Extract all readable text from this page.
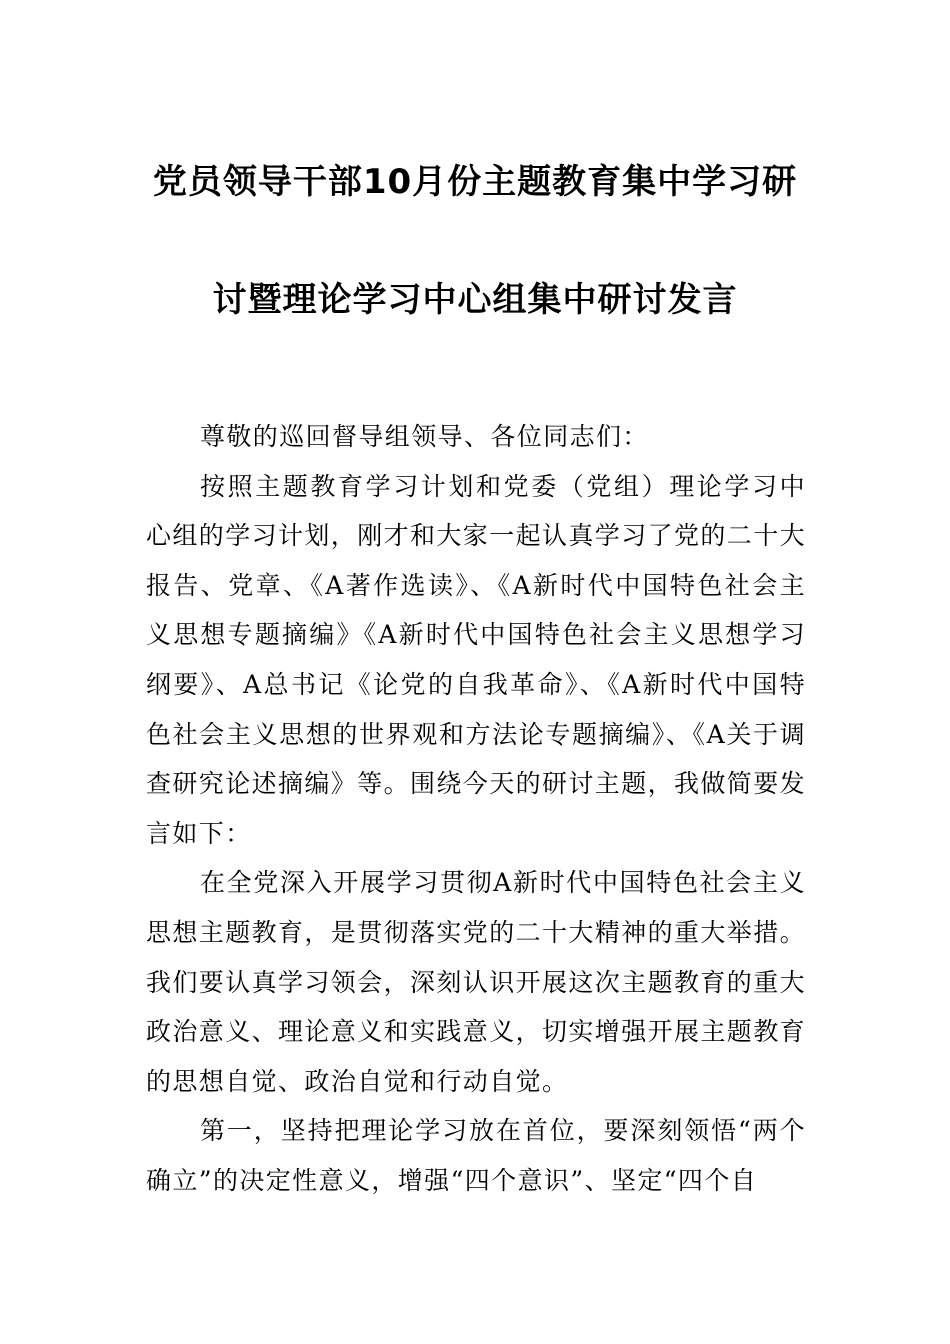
党员领导干部10月份主题教育集中学习研
讨暨理论学习中心组集中研讨发言

尊敬的巡回督导组领导、各位同志们：

按照主题教育学习计划和党委（党组）理论学习中心组的学习计划，刚才和大家一起认真学习了党的二十大报告、党章、《A著作选读》、《A新时代中国特色社会主义思想专题摘编》《A新时代中国特色社会主义思想学习纲要》、A总书记《论党的自我革命》、《A新时代中国特色社会主义思想的世界观和方法论专题摘编》、《A关于调查研究论述摘编》等。围绕今天的研讨主题，我做简要发言如下：

在全党深入开展学习贯彻A新时代中国特色社会主义思想主题教育，是贯彻落实党的二十大精神的重大举措。我们要认真学习领会，深刻认识开展这次主题教育的重大政治意义、理论意义和实践意义，切实增强开展主题教育的思想自觉、政治自觉和行动自觉。

第一，坚持把理论学习放在首位，要深刻领悟“两个确立”的决定性意义，增强“四个意识”、坚定“四个自
